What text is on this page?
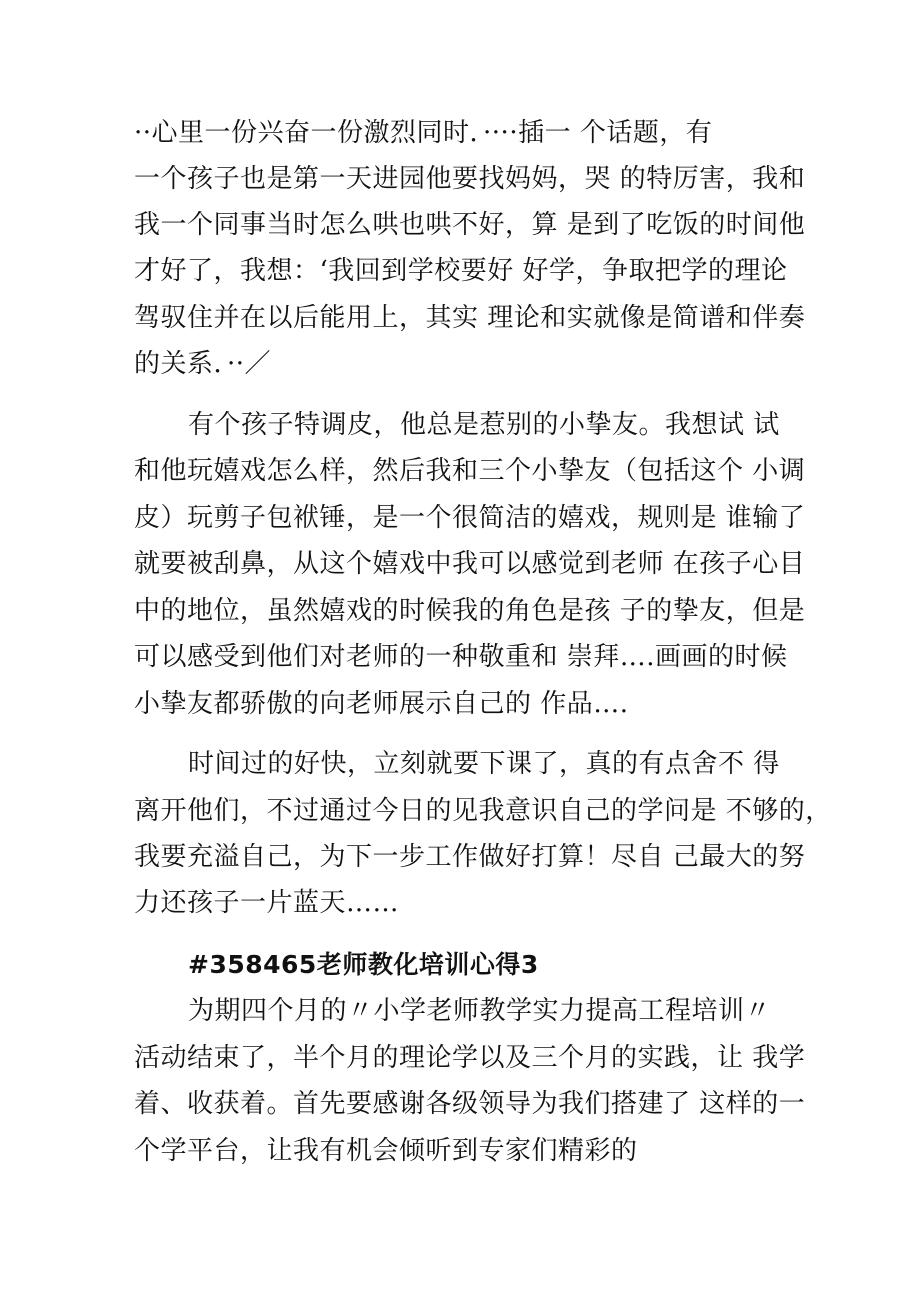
··心里一份兴奋一份激烈同时．····插一 个话题，有
一个孩子也是第一天进园他要找妈妈，哭 的特厉害，我和
我一个同事当时怎么哄也哄不好，算 是到了吃饭的时间他
才好了，我想：‘我回到学校要好 好学，争取把学的理论
驾驭住并在以后能用上，其实 理论和实就像是简谱和伴奏
的关系．··／
有个孩子特调皮，他总是惹别的小挚友。我想试 试
和他玩嬉戏怎么样，然后我和三个小挚友（包括这个 小调
皮）玩剪子包袱锤，是一个很简洁的嬉戏，规则是 谁输了
就要被刮鼻，从这个嬉戏中我可以感觉到老师 在孩子心目
中的地位，虽然嬉戏的时候我的角色是孩 子的挚友，但是
可以感受到他们对老师的一种敬重和 崇拜….画画的时候
小挚友都骄傲的向老师展示自己的 作品….
时间过的好快，立刻就要下课了，真的有点舍不 得
离开他们，不过通过今日的见我意识自己的学问是 不够的，
我要充溢自己，为下一步工作做好打算！尽自 己最大的努
力还孩子一片蓝天……
#358465老师教化培训心得3
为期四个月的〃小学老师教学实力提高工程培训〃
活动结束了，半个月的理论学以及三个月的实践，让 我学
着、收获着。首先要感谢各级领导为我们搭建了 这样的一
个学平台，让我有机会倾听到专家们精彩的
